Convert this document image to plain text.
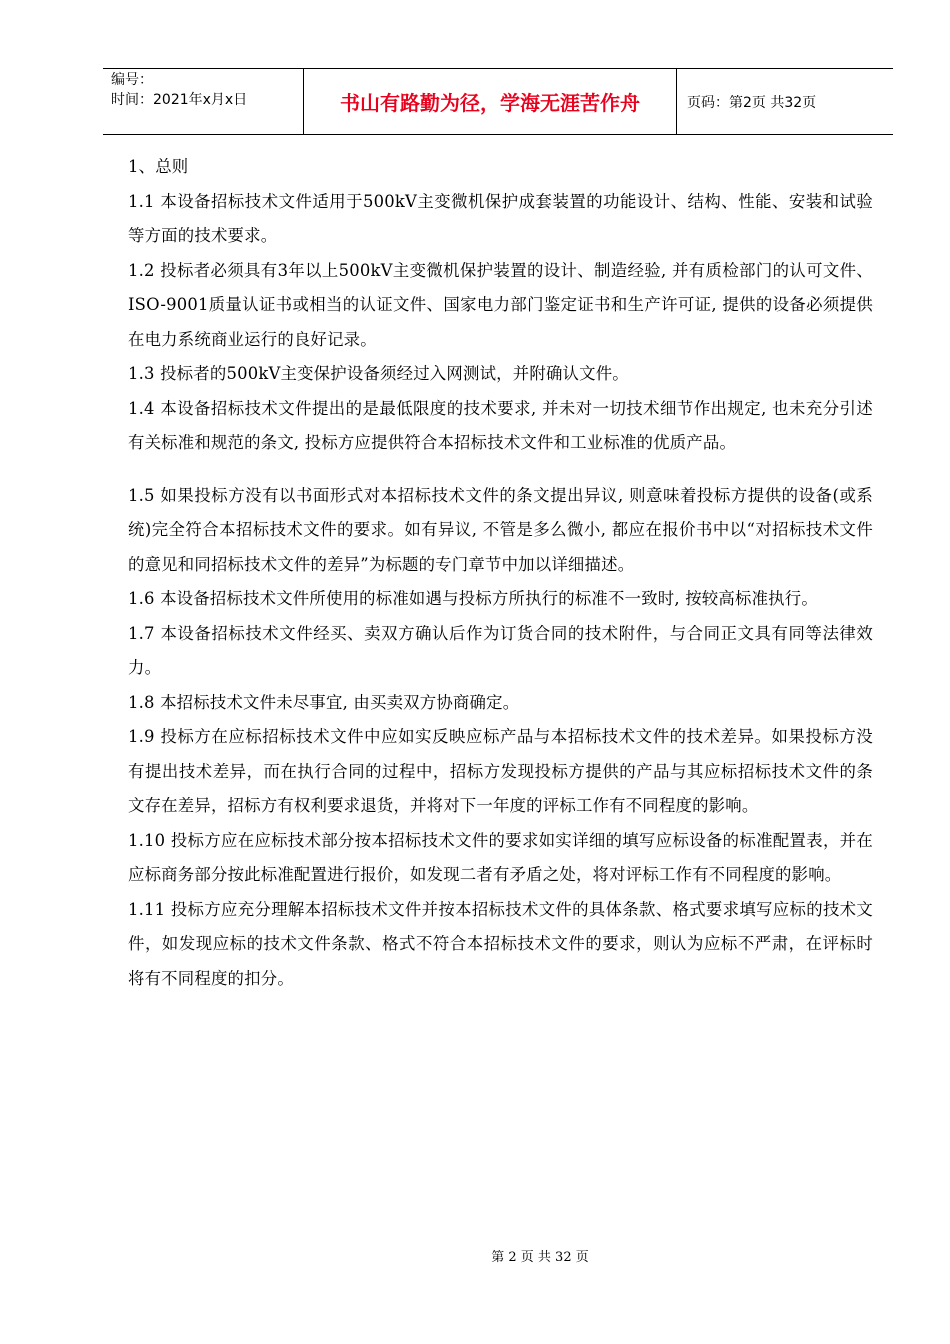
编号：
时间：2021年x月x日	书山有路勤为径，学海无涯苦作舟	页码：第2页 共32页

1、总则

1.1 本设备招标技术文件适用于500kV主变微机保护成套装置的功能设计、结构、性能、安装和试验等方面的技术要求。

1.2 投标者必须具有3年以上500kV主变微机保护装置的设计、制造经验, 并有质检部门的认可文件、ISO-9001质量认证书或相当的认证文件、国家电力部门鉴定证书和生产许可证, 提供的设备必须提供在电力系统商业运行的良好记录。

1.3 投标者的500kV主变保护设备须经过入网测试，并附确认文件。

1.4 本设备招标技术文件提出的是最低限度的技术要求, 并未对一切技术细节作出规定, 也未充分引述有关标准和规范的条文, 投标方应提供符合本招标技术文件和工业标准的优质产品。

1.5 如果投标方没有以书面形式对本招标技术文件的条文提出异议, 则意味着投标方提供的设备(或系统)完全符合本招标技术文件的要求。如有异议, 不管是多么微小, 都应在报价书中以“对招标技术文件的意见和同招标技术文件的差异”为标题的专门章节中加以详细描述。

1.6 本设备招标技术文件所使用的标准如遇与投标方所执行的标准不一致时, 按较高标准执行。

1.7 本设备招标技术文件经买、卖双方确认后作为订货合同的技术附件，与合同正文具有同等法律效力。

1.8 本招标技术文件未尽事宜, 由买卖双方协商确定。

1.9 投标方在应标招标技术文件中应如实反映应标产品与本招标技术文件的技术差异。如果投标方没有提出技术差异，而在执行合同的过程中，招标方发现投标方提供的产品与其应标招标技术文件的条文存在差异，招标方有权利要求退货，并将对下一年度的评标工作有不同程度的影响。

1.10 投标方应在应标技术部分按本招标技术文件的要求如实详细的填写应标设备的标准配置表，并在应标商务部分按此标准配置进行报价，如发现二者有矛盾之处，将对评标工作有不同程度的影响。

1.11 投标方应充分理解本招标技术文件并按本招标技术文件的具体条款、格式要求填写应标的技术文件，如发现应标的技术文件条款、格式不符合本招标技术文件的要求，则认为应标不严肃，在评标时将有不同程度的扣分。

第 2 页 共 32 页
